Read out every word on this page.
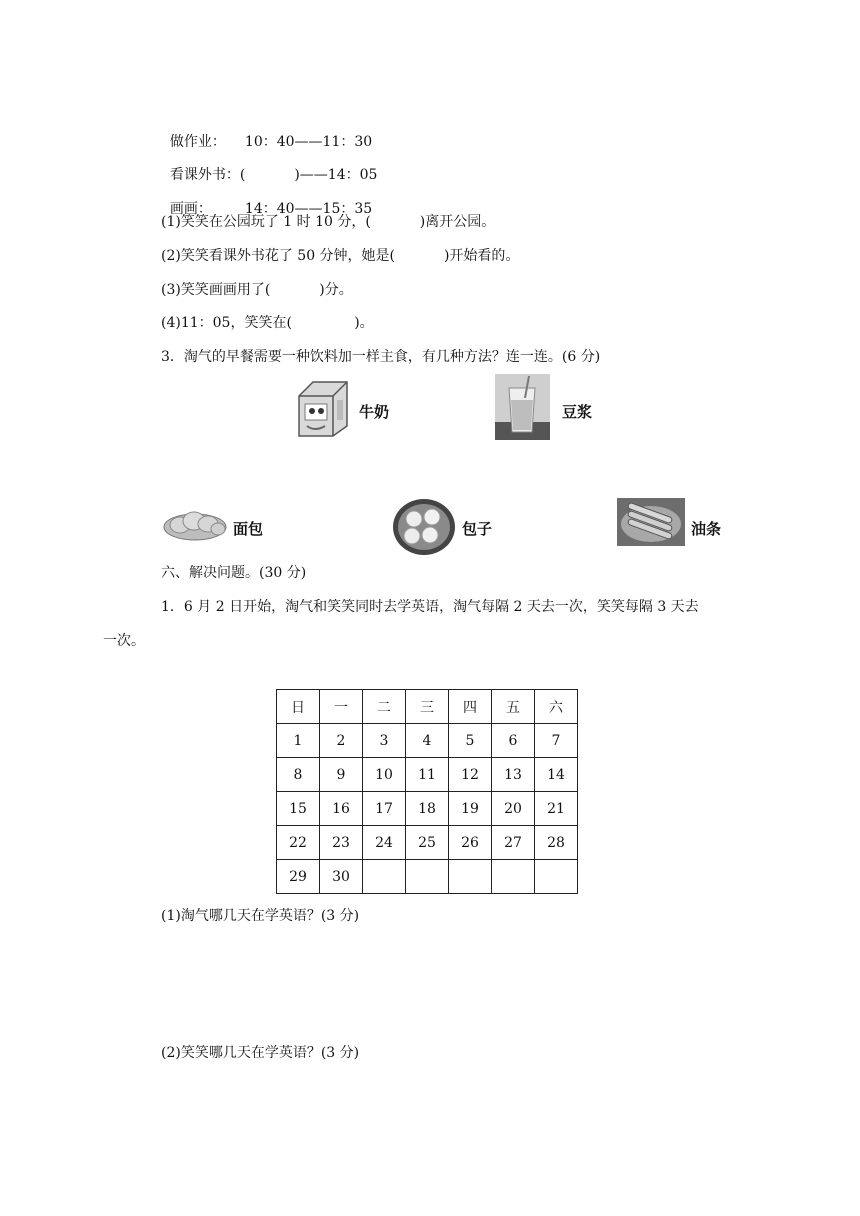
做作业： 10：40——11：30

看课外书：(           )——14：05

画画： 14：40——15：35

(1)笑笑在公园玩了 1 时 10 分，(           )离开公园。
(2)笑笑看课外书花了 50 分钟，她是(           )开始看的。
(3)笑笑画画用了(           )分。
(4)11：05，笑笑在(              )。
3．淘气的早餐需要一种饮料加一样主食，有几种方法？连一连。(6 分)
牛奶	豆浆
面包	包子	油条
六、解决问题。(30 分)
1．6 月 2 日开始，淘气和笑笑同时去学英语，淘气每隔 2 天去一次，笑笑每隔 3 天去
一次。
日	一	二	三	四	五	六
1	2	3	4	5	6	7
8	9	10	11	12	13	14
15	16	17	18	19	20	21
22	23	24	25	26	27	28
29	30					
(1)淘气哪几天在学英语？(3 分)
(2)笑笑哪几天在学英语？(3 分)
